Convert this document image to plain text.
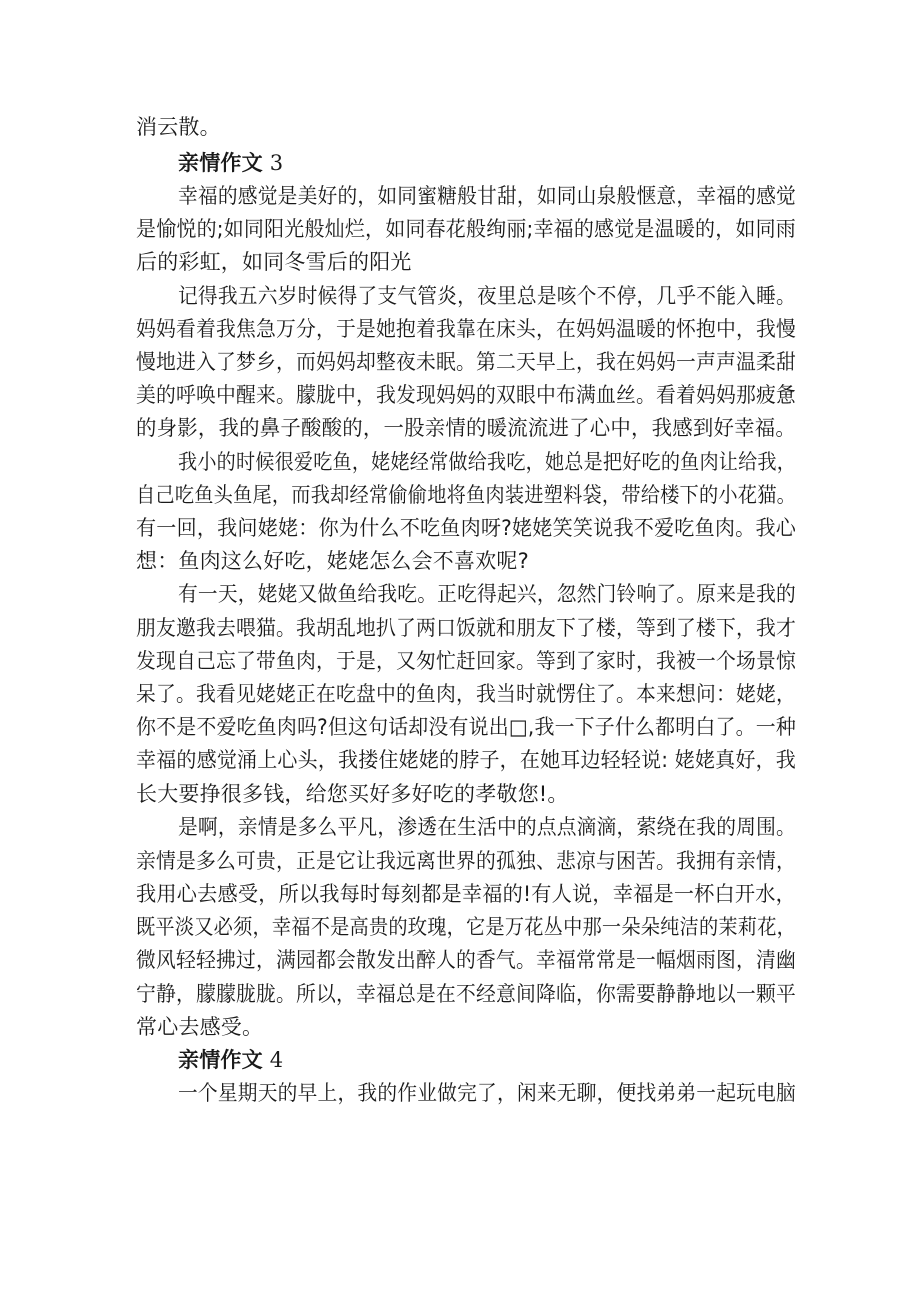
消云散。
亲情作文 3
幸福的感觉是美好的，如同蜜糖般甘甜，如同山泉般惬意，幸福的感觉
是愉悦的;如同阳光般灿烂，如同春花般绚丽;幸福的感觉是温暖的，如同雨
后的彩虹，如同冬雪后的阳光
记得我五六岁时候得了支气管炎，夜里总是咳个不停，几乎不能入睡。
妈妈看着我焦急万分，于是她抱着我靠在床头，在妈妈温暖的怀抱中，我慢
慢地进入了梦乡，而妈妈却整夜未眠。第二天早上，我在妈妈一声声温柔甜
美的呼唤中醒来。朦胧中，我发现妈妈的双眼中布满血丝。看着妈妈那疲惫
的身影，我的鼻子酸酸的，一股亲情的暖流流进了心中，我感到好幸福。
我小的时候很爱吃鱼，姥姥经常做给我吃，她总是把好吃的鱼肉让给我，
自己吃鱼头鱼尾，而我却经常偷偷地将鱼肉装进塑料袋，带给楼下的小花猫。
有一回，我问姥姥：你为什么不吃鱼肉呀?姥姥笑笑说我不爱吃鱼肉。我心
想：鱼肉这么好吃，姥姥怎么会不喜欢呢?
有一天，姥姥又做鱼给我吃。正吃得起兴，忽然门铃响了。原来是我的
朋友邀我去喂猫。我胡乱地扒了两口饭就和朋友下了楼，等到了楼下，我才
发现自己忘了带鱼肉，于是，又匆忙赶回家。等到了家时，我被一个场景惊
呆了。我看见姥姥正在吃盘中的鱼肉，我当时就愣住了。本来想问：姥姥，
你不是不爱吃鱼肉吗?但这句话却没有说出□,我一下子什么都明白了。一种
幸福的感觉涌上心头，我搂住姥姥的脖子，在她耳边轻轻说: 姥姥真好，我
长大要挣很多钱，给您买好多好吃的孝敬您!。
是啊，亲情是多么平凡，渗透在生活中的点点滴滴，萦绕在我的周围。
亲情是多么可贵，正是它让我远离世界的孤独、悲凉与困苦。我拥有亲情，
我用心去感受，所以我每时每刻都是幸福的!有人说，幸福是一杯白开水，
既平淡又必须，幸福不是高贵的玫瑰，它是万花丛中那一朵朵纯洁的茉莉花，
微风轻轻拂过，满园都会散发出醉人的香气。幸福常常是一幅烟雨图，清幽
宁静，朦朦胧胧。所以，幸福总是在不经意间降临，你需要静静地以一颗平
常心去感受。
亲情作文 4
一个星期天的早上，我的作业做完了，闲来无聊，便找弟弟一起玩电脑
